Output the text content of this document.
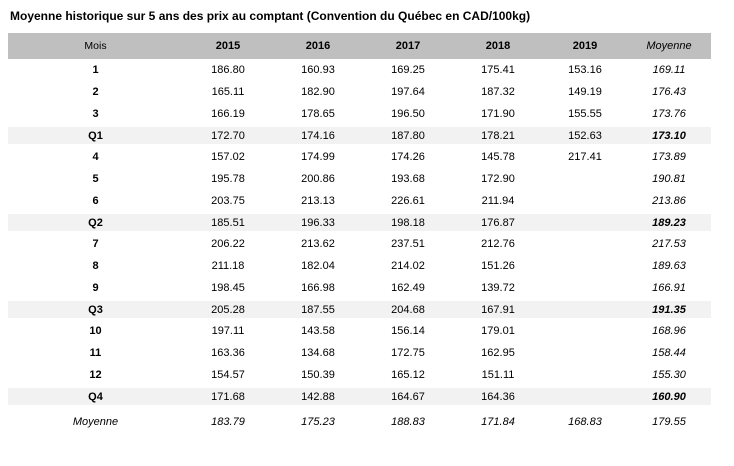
Moyenne historique sur 5 ans des prix au comptant (Convention du Québec en CAD/100kg)
Mois	2015	2016	2017	2018	2019	Moyenne
1	186.80	160.93	169.25	175.41	153.16	169.11
2	165.11	182.90	197.64	187.32	149.19	176.43
3	166.19	178.65	196.50	171.90	155.55	173.76
Q1	172.70	174.16	187.80	178.21	152.63	173.10
4	157.02	174.99	174.26	145.78	217.41	173.89
5	195.78	200.86	193.68	172.90		190.81
6	203.75	213.13	226.61	211.94		213.86
Q2	185.51	196.33	198.18	176.87		189.23
7	206.22	213.62	237.51	212.76		217.53
8	211.18	182.04	214.02	151.26		189.63
9	198.45	166.98	162.49	139.72		166.91
Q3	205.28	187.55	204.68	167.91		191.35
10	197.11	143.58	156.14	179.01		168.96
11	163.36	134.68	172.75	162.95		158.44
12	154.57	150.39	165.12	151.11		155.30
Q4	171.68	142.88	164.67	164.36		160.90
Moyenne	183.79	175.23	188.83	171.84	168.83	179.55
